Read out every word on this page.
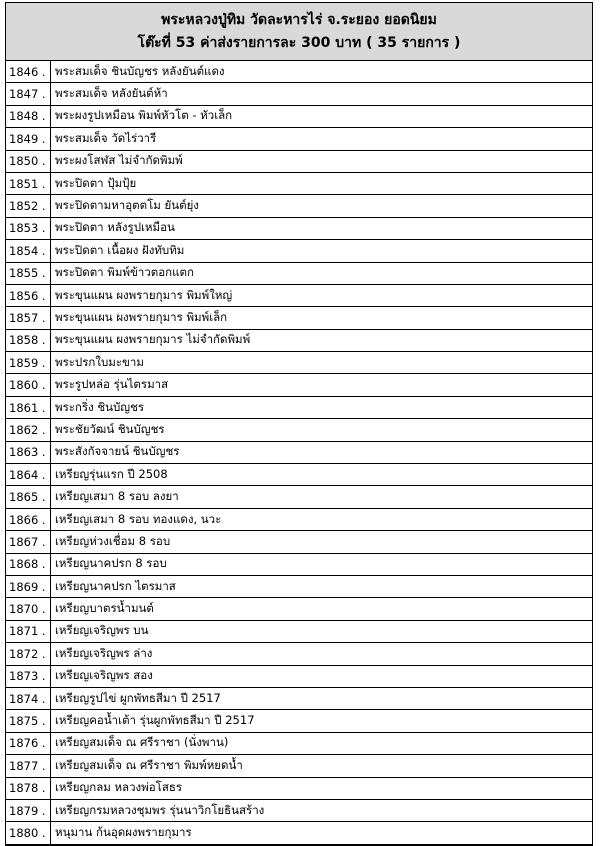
พระหลวงปู่ทิม วัดละหารไร่ จ.ระยอง ยอดนิยม
โต๊ะที่ 53 ค่าส่งรายการละ 300 บาท ( 35 รายการ )
1846 .	พระสมเด็จ ชินบัญชร หลังยันต์แดง
1847 .	พระสมเด็จ หลังยันต์ห้า
1848 .	พระผงรูปเหมือน พิมพ์หัวโต - หัวเล็ก
1849 .	พระสมเด็จ วัดไร่วารี
1850 .	พระผงโสฬส ไม่จำกัดพิมพ์
1851 .	พระปิดตา ปุ้มปุ้ย
1852 .	พระปิดตามหาอุตตโม ยันต์ยุ่ง
1853 .	พระปิดตา หลังรูปเหมือน
1854 .	พระปิดตา เนื้อผง ฝังทับทิม
1855 .	พระปิดตา พิมพ์ข้าวตอกแตก
1856 .	พระขุนแผน ผงพรายกุมาร พิมพ์ใหญ่
1857 .	พระขุนแผน ผงพรายกุมาร พิมพ์เล็ก
1858 .	พระขุนแผน ผงพรายกุมาร ไม่จำกัดพิมพ์
1859 .	พระปรกใบมะขาม
1860 .	พระรูปหล่อ รุ่นไตรมาส
1861 .	พระกริ่ง ชินบัญชร
1862 .	พระชัยวัฒน์ ชินบัญชร
1863 .	พระสังกัจจายน์ ชินบัญชร
1864 .	เหรียญรุ่นแรก ปี 2508
1865 .	เหรียญเสมา 8 รอบ ลงยา
1866 .	เหรียญเสมา 8 รอบ ทองแดง, นวะ
1867 .	เหรียญห่วงเชื่อม 8 รอบ
1868 .	เหรียญนาคปรก 8 รอบ
1869 .	เหรียญนาคปรก ไตรมาส
1870 .	เหรียญบาตรน้ำมนต์
1871 .	เหรียญเจริญพร บน
1872 .	เหรียญเจริญพร ล่าง
1873 .	เหรียญเจริญพร สอง
1874 .	เหรียญรูปไข่ ผูกพัทธสีมา ปี 2517
1875 .	เหรียญคอน้ำเต้า รุ่นผูกพัทธสีมา ปี 2517
1876 .	เหรียญสมเด็จ ณ ศรีราชา (นั่งพาน)
1877 .	เหรียญสมเด็จ ณ ศรีราชา พิมพ์หยดน้ำ
1878 .	เหรียญกลม หลวงพ่อโสธร
1879 .	เหรียญกรมหลวงชุมพร รุ่นนาวิกโยธินสร้าง
1880 .	หนุมาน ก้นอุดผงพรายกุมาร
